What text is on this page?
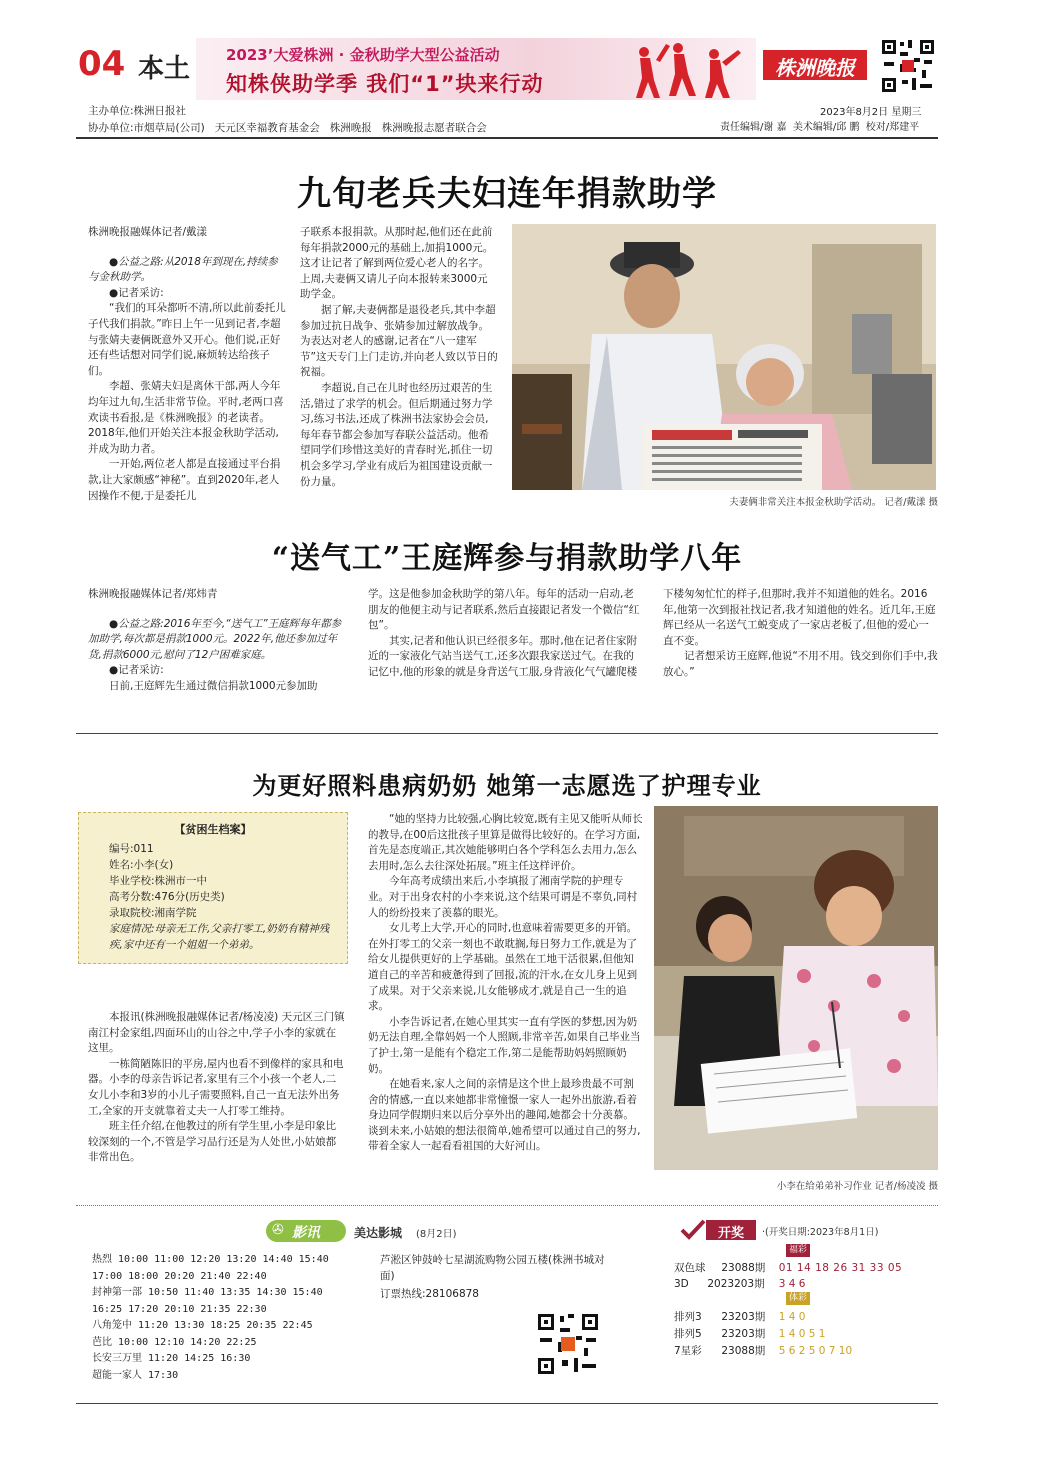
04 本土 2023’大爱株洲 · 金秋助学大型公益活动
知株侠助学季 我们“1”块来行动
株洲晚报
主办单位:株洲日报社
协办单位:市烟草局(公司)   天元区幸福教育基金会   株洲晚报   株洲晚报志愿者联合会
2023年8月2日 星期三
责任编辑/谢 嘉  美术编辑/邱 鹏  校对/郑建平
九旬老兵夫妇连年捐款助学

株洲晚报融媒体记者/戴漾

●公益之路:从2018年到现在,持续参与金秋助学。

●记者采访:

“我们的耳朵都听不清,所以此前委托儿子代我们捐款。”昨日上午一见到记者,李超与张婧夫妻俩既意外又开心。他们说,正好还有些话想对同学们说,麻烦转达给孩子们。

李超、张婧夫妇是离休干部,两人今年均年过九旬,生活非常节俭。平时,老两口喜欢读书看报,是《株洲晚报》的老读者。2018年,他们开始关注本报金秋助学活动,并成为助力者。

一开始,两位老人都是直接通过平台捐款,让大家颇感“神秘”。直到2020年,老人因操作不便,于是委托儿

子联系本报捐款。从那时起,他们还在此前每年捐款2000元的基础上,加捐1000元。这才让记者了解到两位爱心老人的名字。上周,夫妻俩又请儿子向本报转来3000元助学金。

据了解,夫妻俩都是退役老兵,其中李超参加过抗日战争、张婧参加过解放战争。为表达对老人的感谢,记者在“八一建军节”这天专门上门走访,并向老人致以节日的祝福。

李超说,自己在儿时也经历过艰苦的生活,错过了求学的机会。但后期通过努力学习,练习书法,还成了株洲书法家协会会员,每年春节都会参加写春联公益活动。他希望同学们珍惜这美好的青春时光,抓住一切机会多学习,学业有成后为祖国建设贡献一份力量。

夫妻俩非常关注本报金秋助学活动。 记者/戴漾 摄
“送气工”王庭辉参与捐款助学八年

株洲晚报融媒体记者/郑炜青

●公益之路:2016年至今,“送气工”王庭辉每年都参加助学,每次都是捐款1000元。2022年,他还参加过年货,捐款6000元,慰问了12户困难家庭。

●记者采访:

日前,王庭辉先生通过微信捐款1000元参加助

学。这是他参加金秋助学的第八年。每年的活动一启动,老朋友的他便主动与记者联系,然后直接跟记者发一个微信“红包”。

其实,记者和他认识已经很多年。那时,他在记者住家附近的一家液化气站当送气工,还多次跟我家送过气。在我的记忆中,他的形象的就是身背送气工服,身背液化气气罐爬楼

下楼匆匆忙忙的样子,但那时,我并不知道他的姓名。2016年,他第一次到报社找记者,我才知道他的姓名。近几年,王庭辉已经从一名送气工蜕变成了一家店老板了,但他的爱心一直不变。

记者想采访王庭辉,他说“不用不用。钱交到你们手中,我放心。”

为更好照料患病奶奶 她第一志愿选了护理专业
【贫困生档案】
编号:011
姓名:小李(女)
毕业学校:株洲市一中
高考分数:476分(历史类)
录取院校:湘南学院
家庭情况:母亲无工作,父亲打零工,奶奶有精神残疾,家中还有一个姐姐一个弟弟。

本报讯(株洲晚报融媒体记者/杨凌凌) 天元区三门镇南江村金家组,四面环山的山谷之中,学子小李的家就在这里。

一栋简陋陈旧的平房,屋内也看不到像样的家具和电器。小李的母亲告诉记者,家里有三个小孩一个老人,二女儿小李和3岁的小儿子需要照料,自己一直无法外出务工,全家的开支就靠着丈夫一人打零工维持。

班主任介绍,在他教过的所有学生里,小李是印象比较深刻的一个,不管是学习品行还是为人处世,小姑娘都非常出色。

“她的坚持力比较强,心胸比较宽,既有主见又能听从师长的教导,在00后这批孩子里算是做得比较好的。在学习方面,首先是态度端正,其次她能够明白各个学科怎么去用力,怎么去用时,怎么去往深处拓展。”班主任这样评价。

今年高考成绩出来后,小李填报了湘南学院的护理专业。对于出身农村的小李来说,这个结果可谓是不辜负,同村人的纷纷投来了羡慕的眼光。

女儿考上大学,开心的同时,也意味着需要更多的开销。在外打零工的父亲一刻也不敢耽搁,每日努力工作,就是为了给女儿提供更好的上学基础。虽然在工地干活很累,但他知道自己的辛苦和疲惫得到了回报,流的汗水,在女儿身上见到了成果。对于父亲来说,儿女能够成才,就是自己一生的追求。

小李告诉记者,在她心里其实一直有学医的梦想,因为奶奶无法自理,全靠妈妈一个人照顾,非常辛苦,如果自己毕业当了护士,第一是能有个稳定工作,第二是能帮助妈妈照顾奶奶。

在她看来,家人之间的亲情是这个世上最珍贵最不可割舍的情感,一直以来她都非常憧憬一家人一起外出旅游,看着身边同学假期归来以后分享外出的趣闻,她都会十分羡慕。谈到未来,小姑娘的想法很简单,她希望可以通过自己的努力,带着全家人一起看看祖国的大好河山。

小李在给弟弟补习作业 记者/杨凌凌 摄
✇ 影讯	美达影城 (8月2日)
热烈 10:00 11:00 12:20 13:20 14:40 15:40
17:00 18:00 20:20 21:40 22:40
封神第一部 10:50 11:40 13:35 14:30 15:40
16:25 17:20 20:10 21:35 22:30
八角笼中 11:20 13:30 18:25 20:35 22:45
芭比 10:00 12:10 14:20 22:25
长安三万里 11:20 14:25 16:30
超能一家人 17:30
芦淞区钟鼓岭七星湖流购物公园五楼(株洲书城对面)
订票热线:28106878
开奖	·(开奖日期:2023年8月1日)
福彩
双色球 23088期 01 14 18 26 31 33 05
3D 2023203期 3 4 6
体彩
排列3 23203期 1 4 0
排列5 23203期 1 4 0 5 1
7星彩 23088期 5 6 2 5 0 7 10
